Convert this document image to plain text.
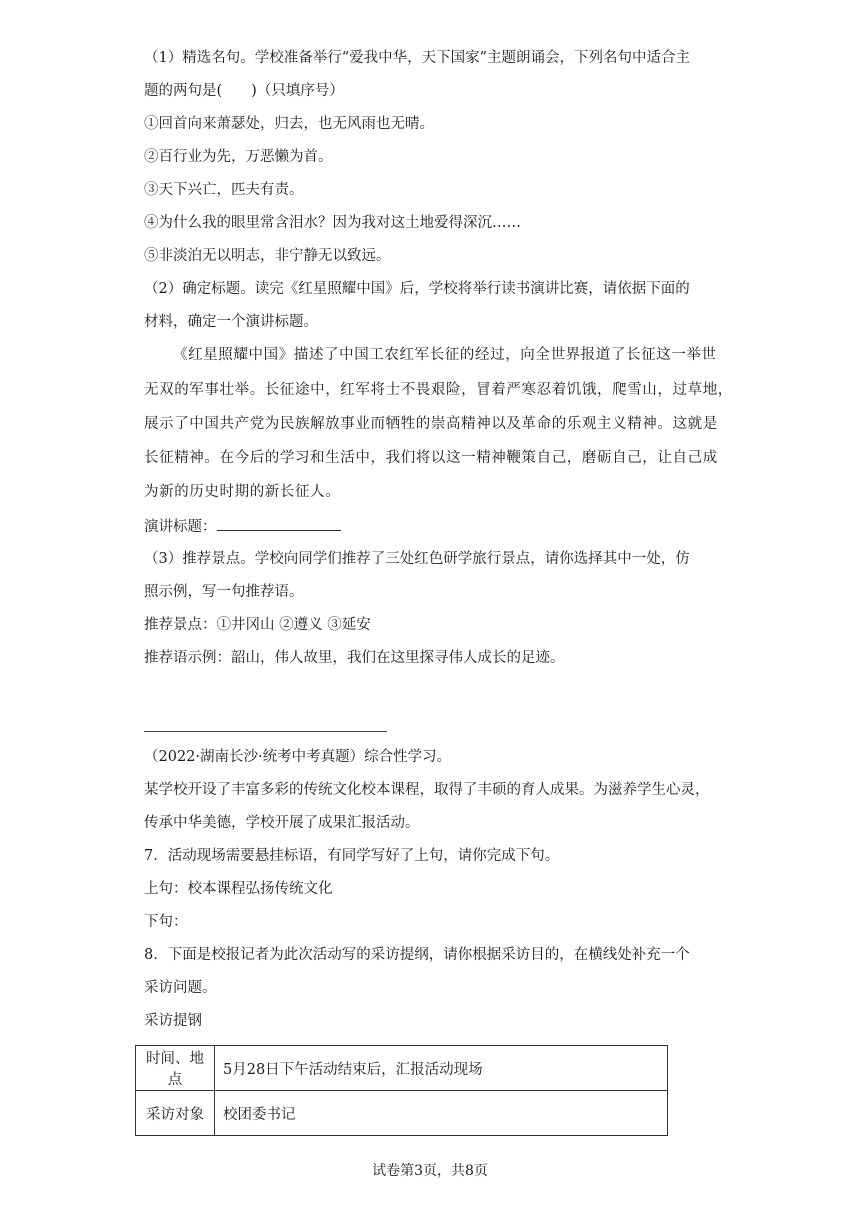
（1）精选名句。学校准备举行“爱我中华，天下国家”主题朗诵会，下列名句中适合主
题的两句是(　　)（只填序号）
①回首向来萧瑟处，归去，也无风雨也无晴。
②百行业为先，万恶懒为首。
③天下兴亡，匹夫有责。
④为什么我的眼里常含泪水？因为我对这土地爱得深沉……
⑤非淡泊无以明志，非宁静无以致远。
（2）确定标题。读完《红星照耀中国》后，学校将举行读书演讲比赛，请依据下面的
材料，确定一个演讲标题。
《红星照耀中国》描述了中国工农红军长征的经过，向全世界报道了长征这一举世
无双的军事壮举。长征途中，红军将士不畏艰险，冒着严寒忍着饥饿，爬雪山，过草地，
展示了中国共产党为民族解放事业而牺牲的崇高精神以及革命的乐观主义精神。这就是
长征精神。在今后的学习和生活中，我们将以这一精神鞭策自己，磨砺自己，让自己成
为新的历史时期的新长征人。
演讲标题：
（3）推荐景点。学校向同学们推荐了三处红色研学旅行景点，请你选择其中一处，仿
照示例，写一句推荐语。
推荐景点：①井冈山 ②遵义 ③延安
推荐语示例：韶山，伟人故里，我们在这里探寻伟人成长的足迹。
（2022·湖南长沙·统考中考真题）综合性学习。
某学校开设了丰富多彩的传统文化校本课程，取得了丰硕的育人成果。为滋养学生心灵，
传承中华美德，学校开展了成果汇报活动。
7．活动现场需要悬挂标语，有同学写好了上句，请你完成下句。
上句：校本课程弘扬传统文化
下句：
8．下面是校报记者为此次活动写的采访提纲，请你根据采访目的，在横线处补充一个
采访问题。
采访提钢
时间、地点	5月28日下午活动结束后，汇报活动现场
采访对象	校团委书记
试卷第3页，共8页
